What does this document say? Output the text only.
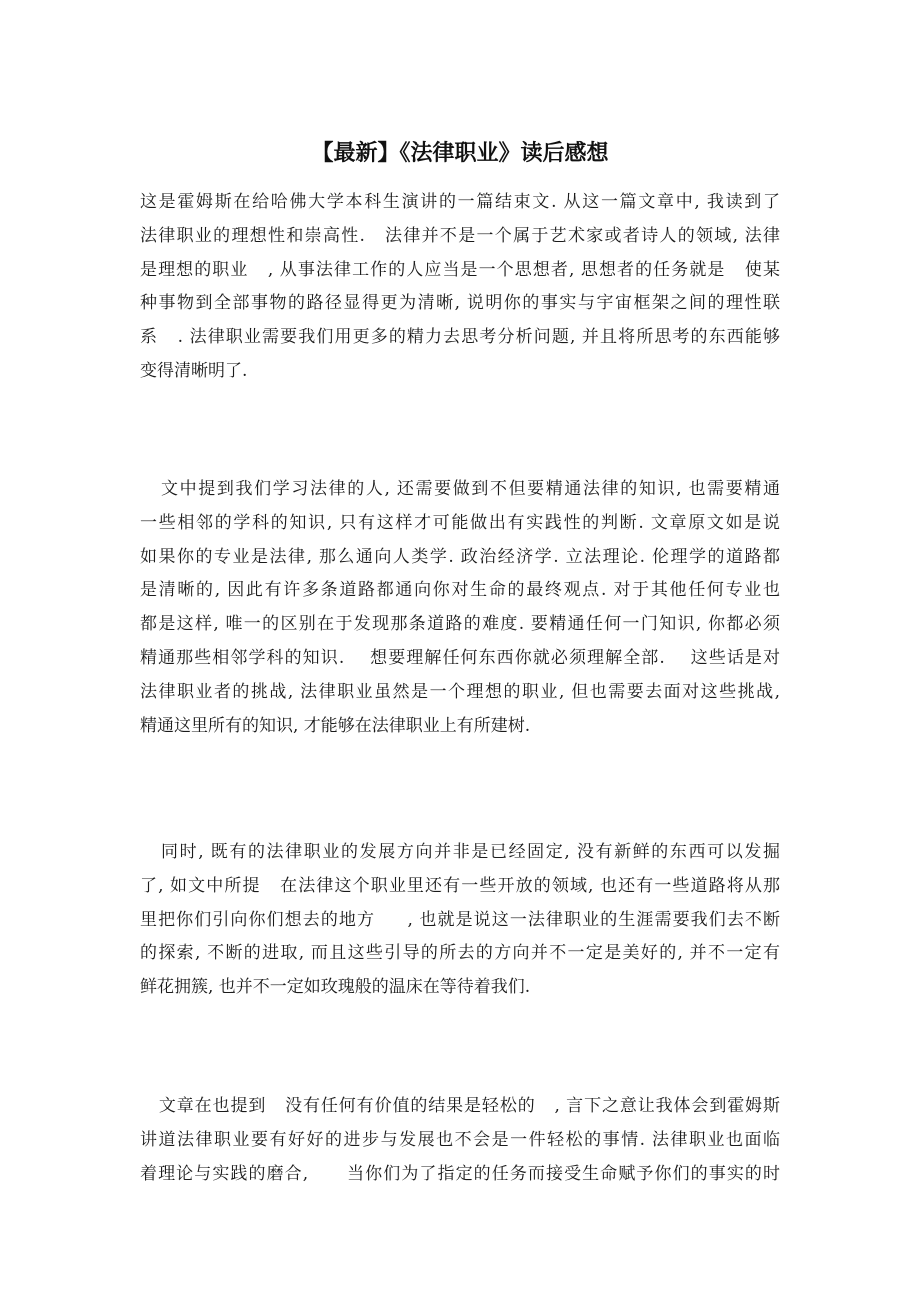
【最新】《法律职业》读后感想
这是霍姆斯在给哈佛大学本科生演讲的一篇结束文. 从这一篇文章中, 我读到了
法律职业的理想性和崇高性.   法律并不是一个属于艺术家或者诗人的领域, 法律
是理想的职业   , 从事法律工作的人应当是一个思想者, 思想者的任务就是   使某
种事物到全部事物的路径显得更为清晰, 说明你的事实与宇宙框架之间的理性联
系   . 法律职业需要我们用更多的精力去思考分析问题, 并且将所思考的东西能够
变得清晰明了.
文中提到我们学习法律的人, 还需要做到不但要精通法律的知识, 也需要精通
一些相邻的学科的知识, 只有这样才可能做出有实践性的判断. 文章原文如是说
如果你的专业是法律, 那么通向人类学. 政治经济学. 立法理论. 伦理学的道路都
是清晰的, 因此有许多条道路都通向你对生命的最终观点. 对于其他任何专业也
都是这样, 唯一的区别在于发现那条道路的难度. 要精通任何一门知识, 你都必须
精通那些相邻学科的知识.    想要理解任何东西你就必须理解全部.    这些话是对
法律职业者的挑战, 法律职业虽然是一个理想的职业, 但也需要去面对这些挑战,
精通这里所有的知识, 才能够在法律职业上有所建树.
同时, 既有的法律职业的发展方向并非是已经固定, 没有新鲜的东西可以发掘
了, 如文中所提   在法律这个职业里还有一些开放的领域, 也还有一些道路将从那
里把你们引向你们想去的地方     , 也就是说这一法律职业的生涯需要我们去不断
的探索, 不断的进取, 而且这些引导的所去的方向并不一定是美好的, 并不一定有
鲜花拥簇, 也并不一定如玫瑰般的温床在等待着我们.
文章在也提到   没有任何有价值的结果是轻松的   , 言下之意让我体会到霍姆斯
讲道法律职业要有好好的进步与发展也不会是一件轻松的事情. 法律职业也面临
着理论与实践的磨合,      当你们为了指定的任务而接受生命赋予你们的事实的时
